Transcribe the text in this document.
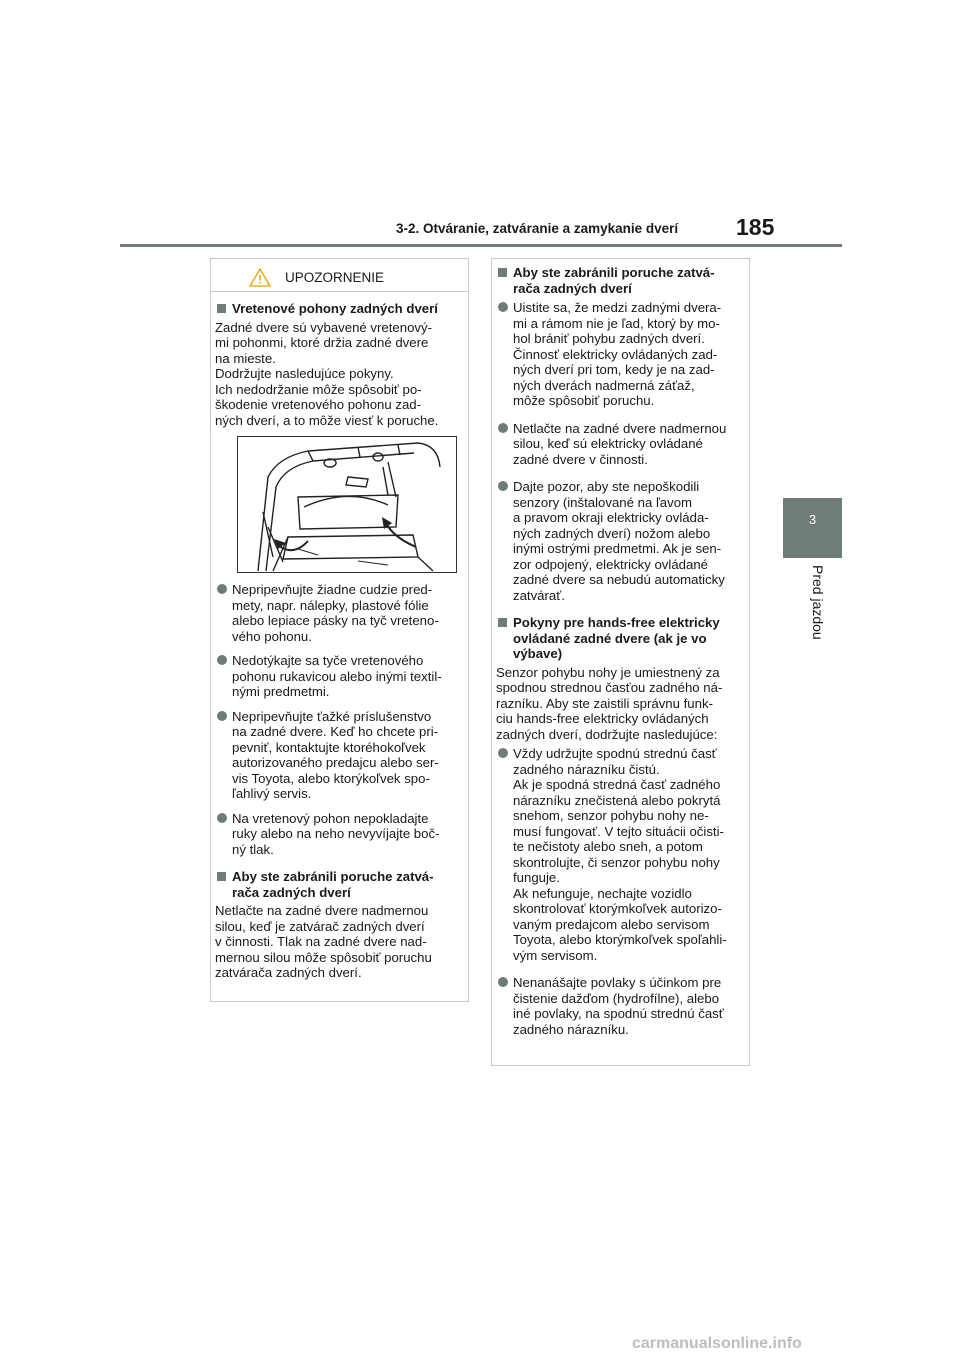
3-2. Otváranie, zatváranie a zamykanie dverí	185
3
Pred jazdou
UPOZORNENIE
Vretenové pohony zadných dverí

Zadné dvere sú vybavené vretenový-
mi pohonmi, ktoré držia zadné dvere
na mieste.
Dodržujte nasledujúce pokyny.
Ich nedodržanie môže spôsobiť po-
škodenie vretenového pohonu zad-
ných dverí, a to môže viesť k poruche.

Nepripevňujte žiadne cudzie pred-
mety, napr. nálepky, plastové fólie
alebo lepiace pásky na tyč vreteno-
vého pohonu.
Nedotýkajte sa tyče vretenového
pohonu rukavicou alebo inými textil-
nými predmetmi.
Nepripevňujte ťažké príslušenstvo
na zadné dvere. Keď ho chcete pri-
pevniť, kontaktujte ktoréhokoľvek
autorizovaného predajcu alebo ser-
vis Toyota, alebo ktorýkoľvek spo-
ľahlivý servis.
Na vretenový pohon nepokladajte
ruky alebo na neho nevyvíjajte boč-
ný tlak.
Aby ste zabránili poruche zatvá-
rača zadných dverí

Netlačte na zadné dvere nadmernou
silou, keď je zatvárač zadných dverí
v činnosti. Tlak na zadné dvere nad-
mernou silou môže spôsobiť poruchu
zatvárača zadných dverí.

Aby ste zabránili poruche zatvá-
rača zadných dverí
Uistite sa, že medzi zadnými dvera-
mi a rámom nie je ľad, ktorý by mo-
hol brániť pohybu zadných dverí.
Činnosť elektricky ovládaných zad-
ných dverí pri tom, kedy je na zad-
ných dverách nadmerná záťaž,
môže spôsobiť poruchu.
Netlačte na zadné dvere nadmernou
silou, keď sú elektricky ovládané
zadné dvere v činnosti.
Dajte pozor, aby ste nepoškodili
senzory (inštalované na ľavom
a pravom okraji elektricky ovláda-
ných zadných dverí) nožom alebo
inými ostrými predmetmi. Ak je sen-
zor odpojený, elektricky ovládané
zadné dvere sa nebudú automaticky
zatvárať.
Pokyny pre hands-free elektricky
ovládané zadné dvere (ak je vo
výbave)

Senzor pohybu nohy je umiestnený za
spodnou strednou časťou zadného ná-
razníku. Aby ste zaistili správnu funk-
ciu hands-free elektricky ovládaných
zadných dverí, dodržujte nasledujúce:

Vždy udržujte spodnú strednú časť
zadného nárazníku čistú.
Ak je spodná stredná časť zadného
nárazníku znečistená alebo pokrytá
snehom, senzor pohybu nohy ne-
musí fungovať. V tejto situácii očisti-
te nečistoty alebo sneh, a potom
skontrolujte, či senzor pohybu nohy
funguje.
Ak nefunguje, nechajte vozidlo
skontrolovať ktorýmkoľvek autorizo-
vaným predajcom alebo servisom
Toyota, alebo ktorýmkoľvek spoľahli-
vým servisom.
Nenanášajte povlaky s účinkom pre
čistenie dažďom (hydrofílne), alebo
iné povlaky, na spodnú strednú časť
zadného nárazníku.
carmanualsonline.info
